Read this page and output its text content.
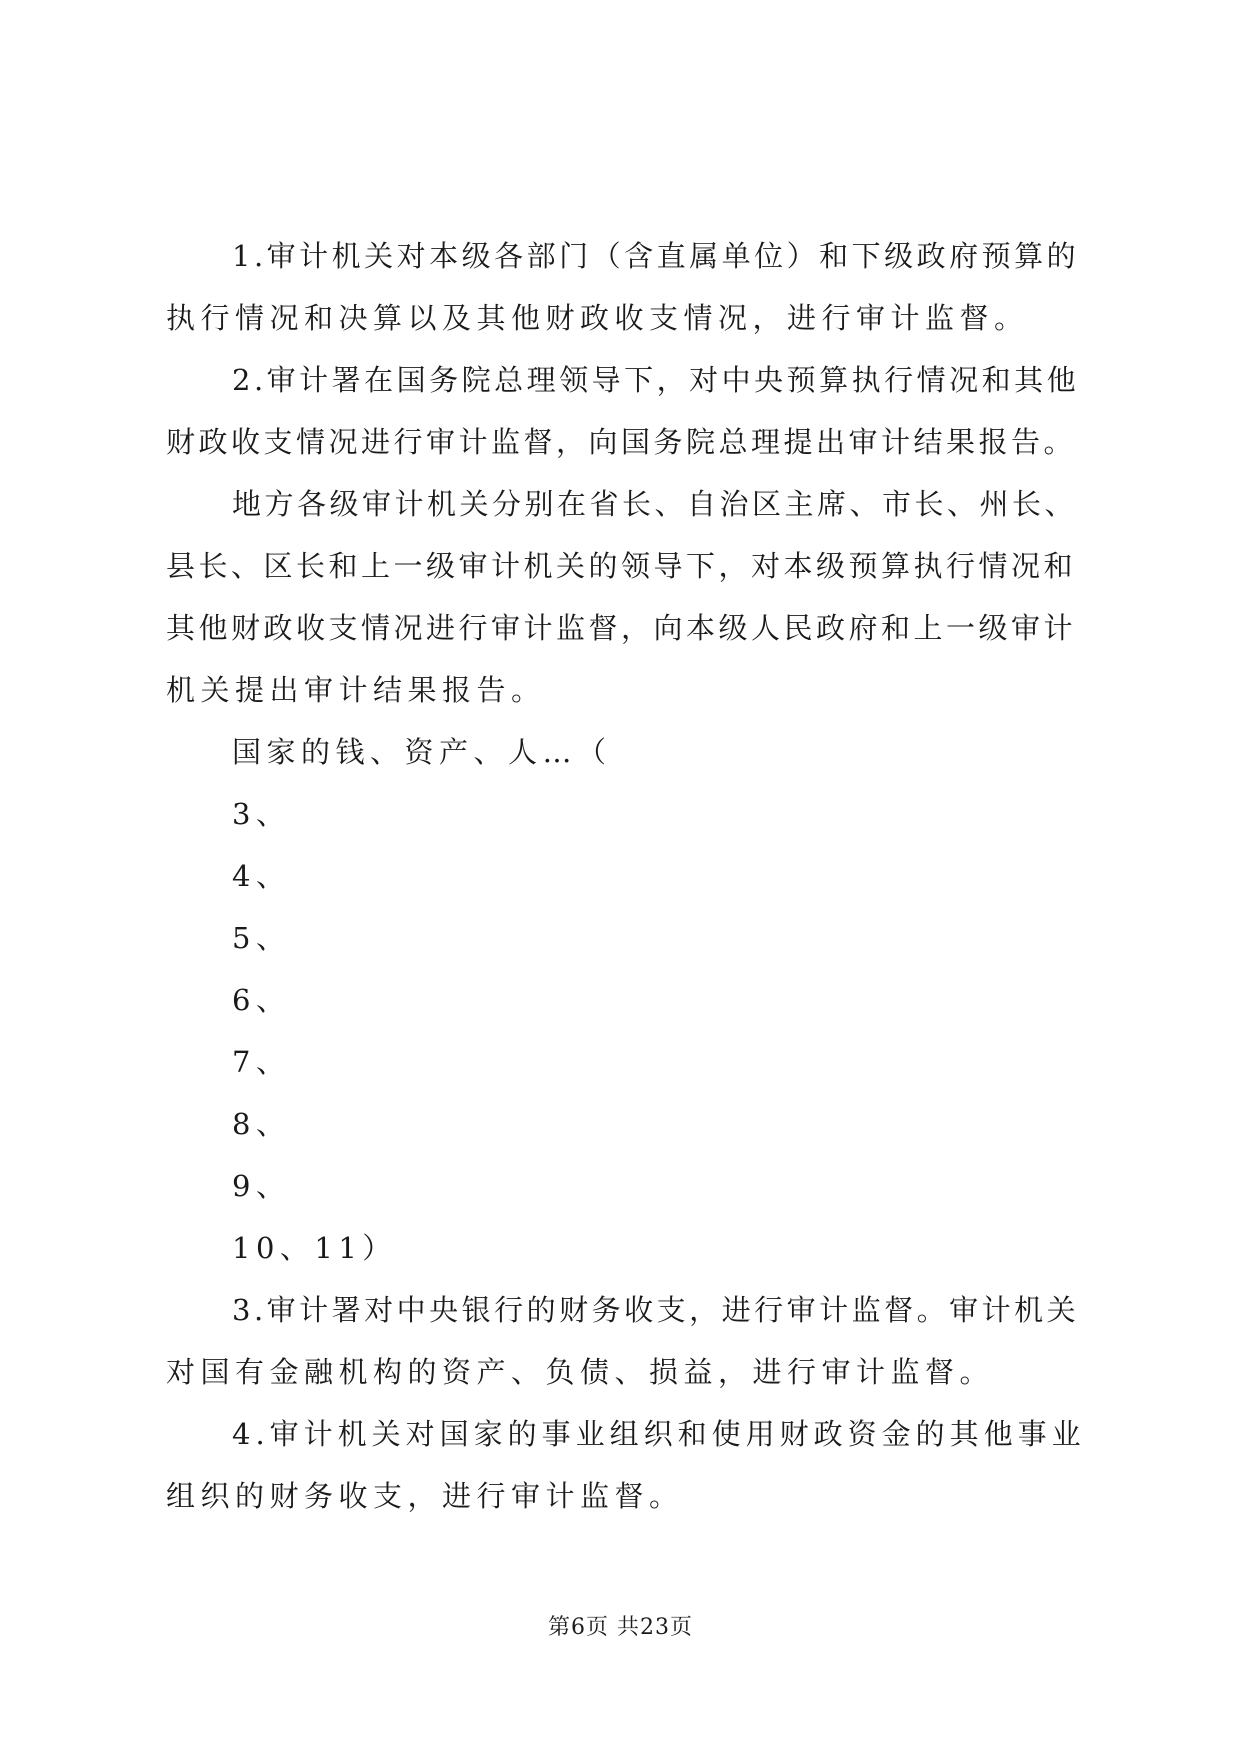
1.审计机关对本级各部门（含直属单位）和下级政府预算的
执行情况和决算以及其他财政收支情况，进行审计监督。
2.审计署在国务院总理领导下，对中央预算执行情况和其他
财政收支情况进行审计监督，向国务院总理提出审计结果报告。
地方各级审计机关分别在省长、自治区主席、市长、州长、
县长、区长和上一级审计机关的领导下，对本级预算执行情况和
其他财政收支情况进行审计监督，向本级人民政府和上一级审计
机关提出审计结果报告。
国家的钱、资产、人…（
3、
4、
5、
6、
7、
8、
9、
10、11）
3.审计署对中央银行的财务收支，进行审计监督。审计机关
对国有金融机构的资产、负债、损益，进行审计监督。
4.审计机关对国家的事业组织和使用财政资金的其他事业
组织的财务收支，进行审计监督。
第6页 共23页
